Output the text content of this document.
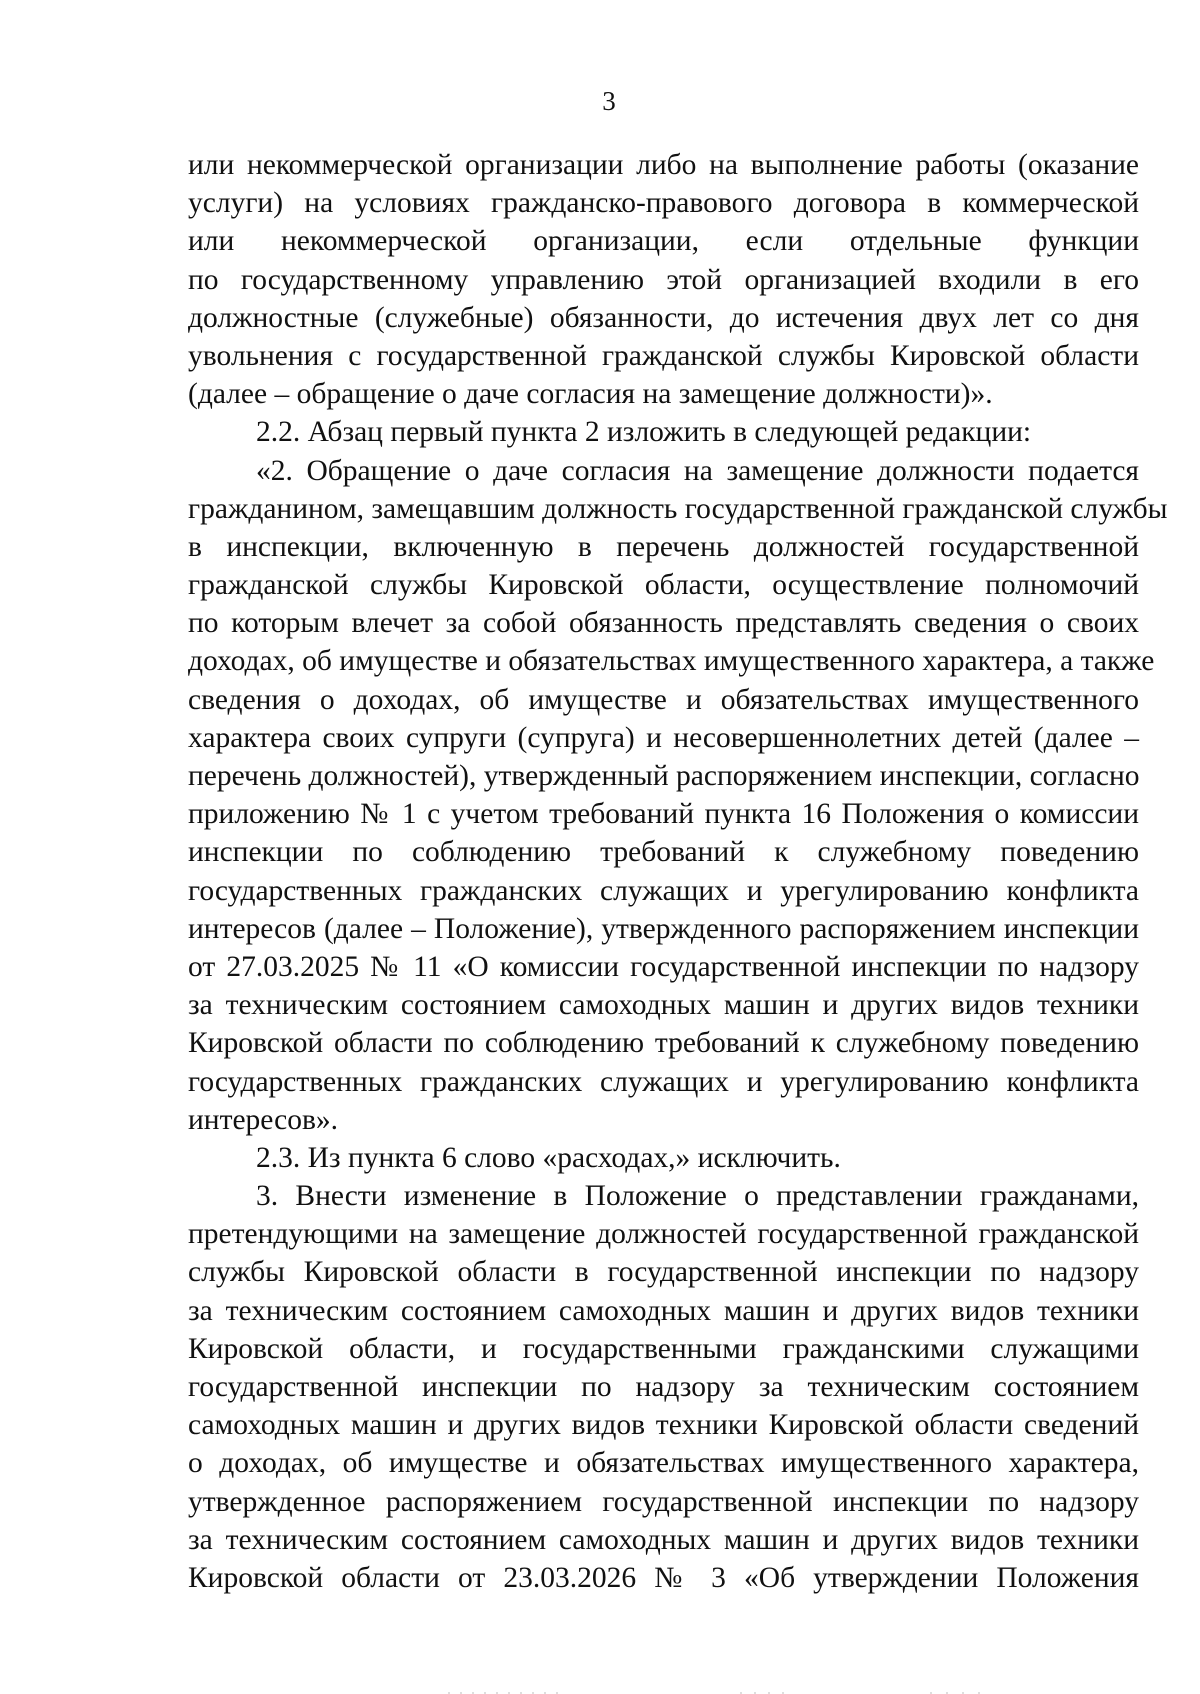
3
или некоммерческой организации либо на выполнение работы (оказание
услуги) на условиях гражданско-правового договора в коммерческой
или некоммерческой организации, если отдельные функции
по государственному управлению этой организацией входили в его
должностные (служебные) обязанности, до истечения двух лет со дня
увольнения с государственной гражданской службы Кировской области
(далее – обращение о даче согласия на замещение должности)».
2.2. Абзац первый пункта 2 изложить в следующей редакции:
«2. Обращение о даче согласия на замещение должности подается
гражданином, замещавшим должность государственной гражданской службы
в инспекции, включенную в перечень должностей государственной
гражданской службы Кировской области, осуществление полномочий
по которым влечет за собой обязанность представлять сведения о своих
доходах, об имуществе и обязательствах имущественного характера, а также
сведения о доходах, об имуществе и обязательствах имущественного
характера своих супруги (супруга) и несовершеннолетних детей (далее –
перечень должностей), утвержденный распоряжением инспекции, согласно
приложению № 1 с учетом требований пункта 16 Положения о комиссии
инспекции по соблюдению требований к служебному поведению
государственных гражданских служащих и урегулированию конфликта
интересов (далее – Положение), утвержденного распоряжением инспекции
от 27.03.2025 № 11 «О комиссии государственной инспекции по надзору
за техническим состоянием самоходных машин и других видов техники
Кировской области по соблюдению требований к служебному поведению
государственных гражданских служащих и урегулированию конфликта
интересов».
2.3. Из пункта 6 слово «расходах,» исключить.
3. Внести изменение в Положение о представлении гражданами,
претендующими на замещение должностей государственной гражданской
службы Кировской области в государственной инспекции по надзору
за техническим состоянием самоходных машин и других видов техники
Кировской области, и государственными гражданскими служащими
государственной инспекции по надзору за техническим состоянием
самоходных машин и других видов техники Кировской области сведений
о доходах, об имуществе и обязательствах имущественного характера,
утвержденное распоряжением государственной инспекции по надзору
за техническим состоянием самоходных машин и других видов техники
Кировской области от 23.03.2026 № 3 «Об утверждении Положения
